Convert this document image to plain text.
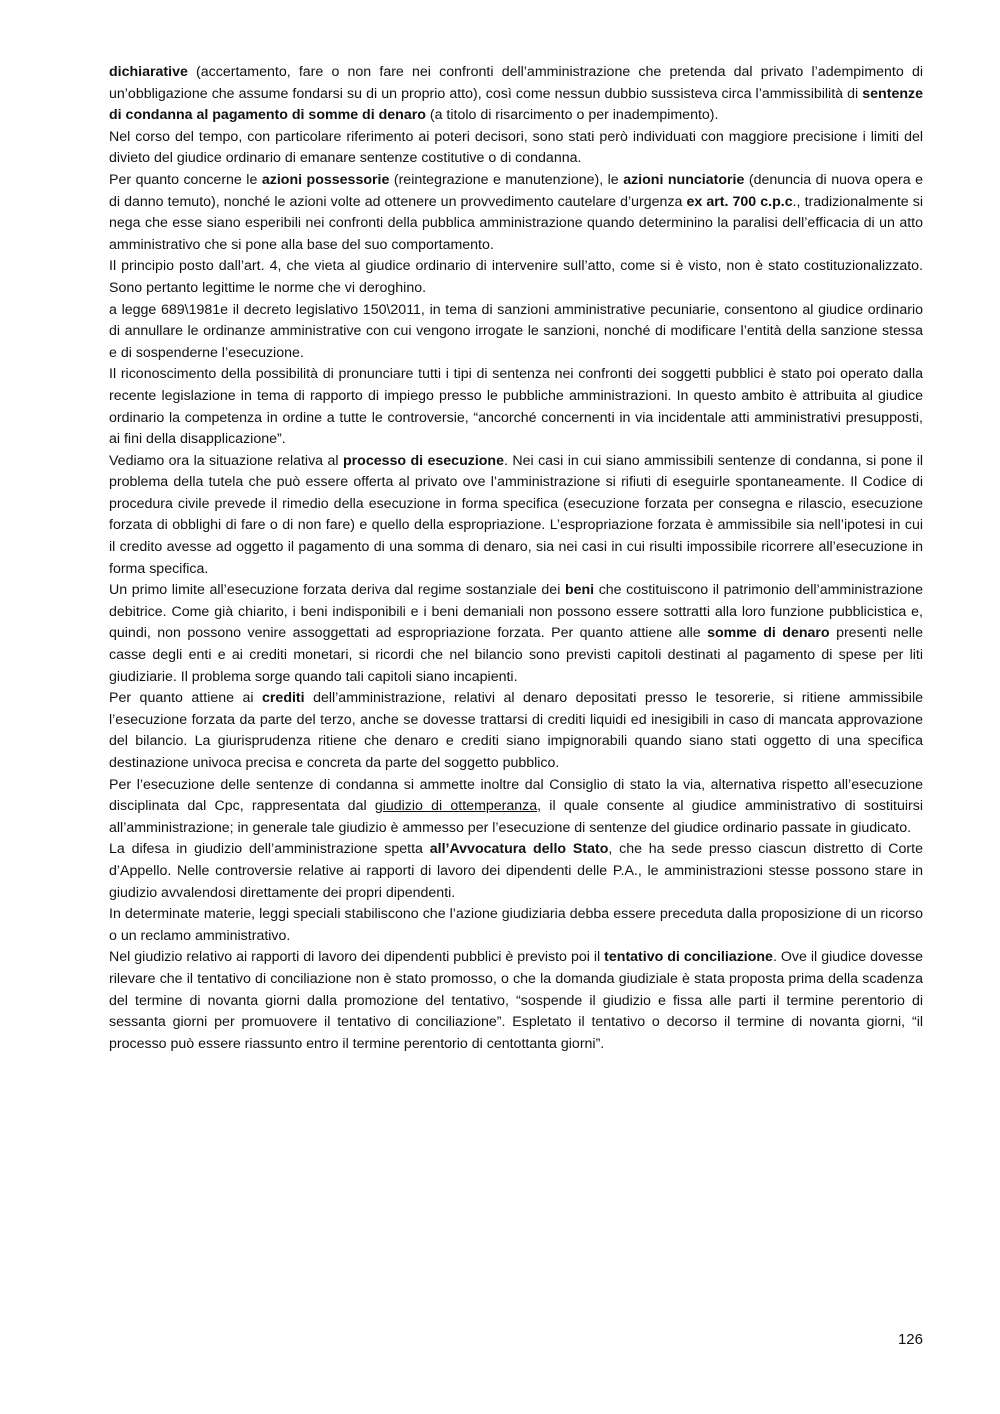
dichiarative (accertamento, fare o non fare nei confronti dell’amministrazione che pretenda dal privato l’adempimento di un’obbligazione che assume fondarsi su di un proprio atto), così come nessun dubbio sussisteva circa l’ammissibilità di sentenze di condanna al pagamento di somme di denaro (a titolo di risarcimento o per inadempimento).

Nel corso del tempo, con particolare riferimento ai poteri decisori, sono stati però individuati con maggiore precisione i limiti del divieto del giudice ordinario di emanare sentenze costitutive o di condanna.

Per quanto concerne le azioni possessorie (reintegrazione e manutenzione), le azioni nunciatorie (denuncia di nuova opera e di danno temuto), nonché le azioni volte ad ottenere un provvedimento cautelare d’urgenza ex art. 700 c.p.c., tradizionalmente si nega che esse siano esperibili nei confronti della pubblica amministrazione quando determinino la paralisi dell’efficacia di un atto amministrativo che si pone alla base del suo comportamento.

Il principio posto dall’art. 4, che vieta al giudice ordinario di intervenire sull’atto, come si è visto, non è stato costituzionalizzato. Sono pertanto legittime le norme che vi deroghino.

a legge 689\1981e il decreto legislativo 150\2011, in tema di sanzioni amministrative pecuniarie, consentono al giudice ordinario di annullare le ordinanze amministrative con cui vengono irrogate le sanzioni, nonché di modificare l’entità della sanzione stessa e di sospenderne l’esecuzione.

Il riconoscimento della possibilità di pronunciare tutti i tipi di sentenza nei confronti dei soggetti pubblici è stato poi operato dalla recente legislazione in tema di rapporto di impiego presso le pubbliche amministrazioni. In questo ambito è attribuita al giudice ordinario la competenza in ordine a tutte le controversie, “ancorché concernenti in via incidentale atti amministrativi presupposti, ai fini della disapplicazione”.

Vediamo ora la situazione relativa al processo di esecuzione. Nei casi in cui siano ammissibili sentenze di condanna, si pone il problema della tutela che può essere offerta al privato ove l’amministrazione si rifiuti di eseguirle spontaneamente. Il Codice di procedura civile prevede il rimedio della esecuzione in forma specifica (esecuzione forzata per consegna e rilascio, esecuzione forzata di obblighi di fare o di non fare) e quello della espropriazione. L’espropriazione forzata è ammissibile sia nell’ipotesi in cui il credito avesse ad oggetto il pagamento di una somma di denaro, sia nei casi in cui risulti impossibile ricorrere all’esecuzione in forma specifica.

Un primo limite all’esecuzione forzata deriva dal regime sostanziale dei beni che costituiscono il patrimonio dell’amministrazione debitrice. Come già chiarito, i beni indisponibili e i beni demaniali non possono essere sottratti alla loro funzione pubblicistica e, quindi, non possono venire assoggettati ad espropriazione forzata. Per quanto attiene alle somme di denaro presenti nelle casse degli enti e ai crediti monetari, si ricordi che nel bilancio sono previsti capitoli destinati al pagamento di spese per liti giudiziarie. Il problema sorge quando tali capitoli siano incapienti.

Per quanto attiene ai crediti dell’amministrazione, relativi al denaro depositati presso le tesorerie, si ritiene ammissibile l’esecuzione forzata da parte del terzo, anche se dovesse trattarsi di crediti liquidi ed inesigibili in caso di mancata approvazione del bilancio. La giurisprudenza ritiene che denaro e crediti siano impignorabili quando siano stati oggetto di una specifica destinazione univoca precisa e concreta da parte del soggetto pubblico.

Per l’esecuzione delle sentenze di condanna si ammette inoltre dal Consiglio di stato la via, alternativa rispetto all’esecuzione disciplinata dal Cpc, rappresentata dal giudizio di ottemperanza, il quale consente al giudice amministrativo di sostituirsi all’amministrazione; in generale tale giudizio è ammesso per l’esecuzione di sentenze del giudice ordinario passate in giudicato.

La difesa in giudizio dell’amministrazione spetta all’Avvocatura dello Stato, che ha sede presso ciascun distretto di Corte d’Appello. Nelle controversie relative ai rapporti di lavoro dei dipendenti delle P.A., le amministrazioni stesse possono stare in giudizio avvalendosi direttamente dei propri dipendenti.

In determinate materie, leggi speciali stabiliscono che l’azione giudiziaria debba essere preceduta dalla proposizione di un ricorso o un reclamo amministrativo.

Nel giudizio relativo ai rapporti di lavoro dei dipendenti pubblici è previsto poi il tentativo di conciliazione. Ove il giudice dovesse rilevare che il tentativo di conciliazione non è stato promosso, o che la domanda giudiziale è stata proposta prima della scadenza del termine di novanta giorni dalla promozione del tentativo, “sospende il giudizio e fissa alle parti il termine perentorio di sessanta giorni per promuovere il tentativo di conciliazione”. Espletato il tentativo o decorso il termine di novanta giorni, “il processo può essere riassunto entro il termine perentorio di centottanta giorni”.

126
